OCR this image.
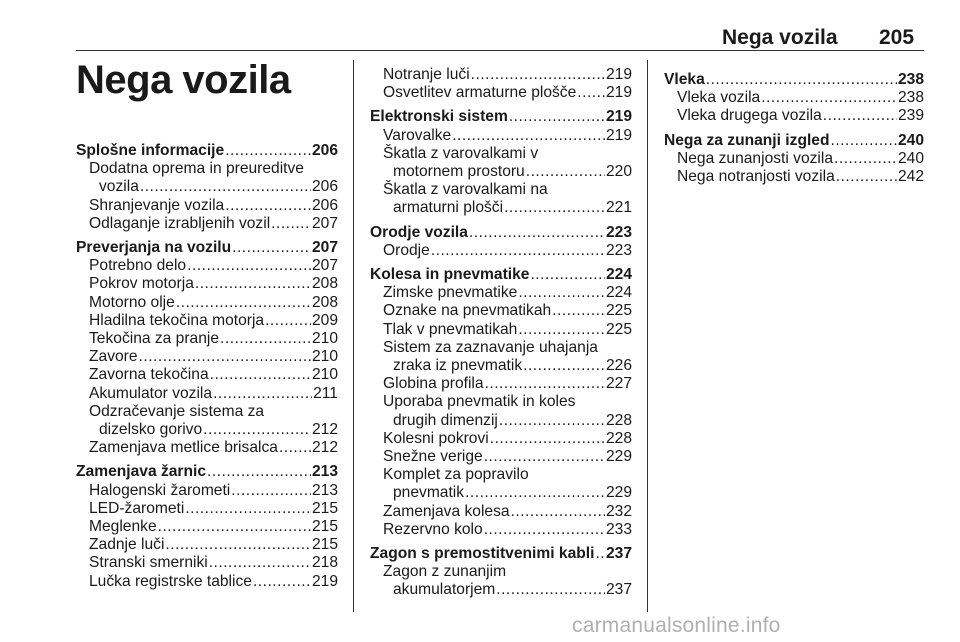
Nega vozila 205
Nega vozila
Splošne informacije .....	206
Dodatna oprema in preureditve
vozila .....	206
Shranjevanje vozila .....	206
Odlaganje izrabljenih vozil .....	207
Preverjanja na vozilu .....	207
Potrebno delo .....	207
Pokrov motorja .....	208
Motorno olje .....	208
Hladilna tekočina motorja .....	209
Tekočina za pranje .....	210
Zavore .....	210
Zavorna tekočina .....	210
Akumulator vozila .....	211
Odzračevanje sistema za
dizelsko gorivo .....	212
Zamenjava metlice brisalca ..... 212
Zamenjava žarnic .....	213
Halogenski žarometi .....	213
LED-žarometi .....	215
Meglenke .....	215
Zadnje luči .....	215
Stranski smerniki .....	218
Lučka registrske tablice .....	219
Notranje luči .....	219
Osvetlitev armaturne plošče ..... 219
Elektronski sistem .....	219
Varovalke .....	219
Škatla z varovalkami v
motornem prostoru .....	220
Škatla z varovalkami na
armaturni plošči .....	221
Orodje vozila .....	223
Orodje .....	223
Kolesa in pnevmatike .....	224
Zimske pnevmatike .....	224
Oznake na pnevmatikah .....	225
Tlak v pnevmatikah .....	225
Sistem za zaznavanje uhajanja
zraka iz pnevmatik .....	226
Globina profila .....	227
Uporaba pnevmatik in koles
drugih dimenzij .....	228
Kolesni pokrovi .....	228
Snežne verige .....	229
Komplet za popravilo
pnevmatik .....	229
Zamenjava kolesa .....	232
Rezervno kolo .....	233
Zagon s premostitvenimi kabli ..... 237
Zagon z zunanjim
akumulatorjem .....	237
Vleka .....	238
Vleka vozila .....	238
Vleka drugega vozila .....	239
Nega za zunanji izgled .....	240
Nega zunanjosti vozila .....	240
Nega notranjosti vozila .....	242
carmanualsonline.info
